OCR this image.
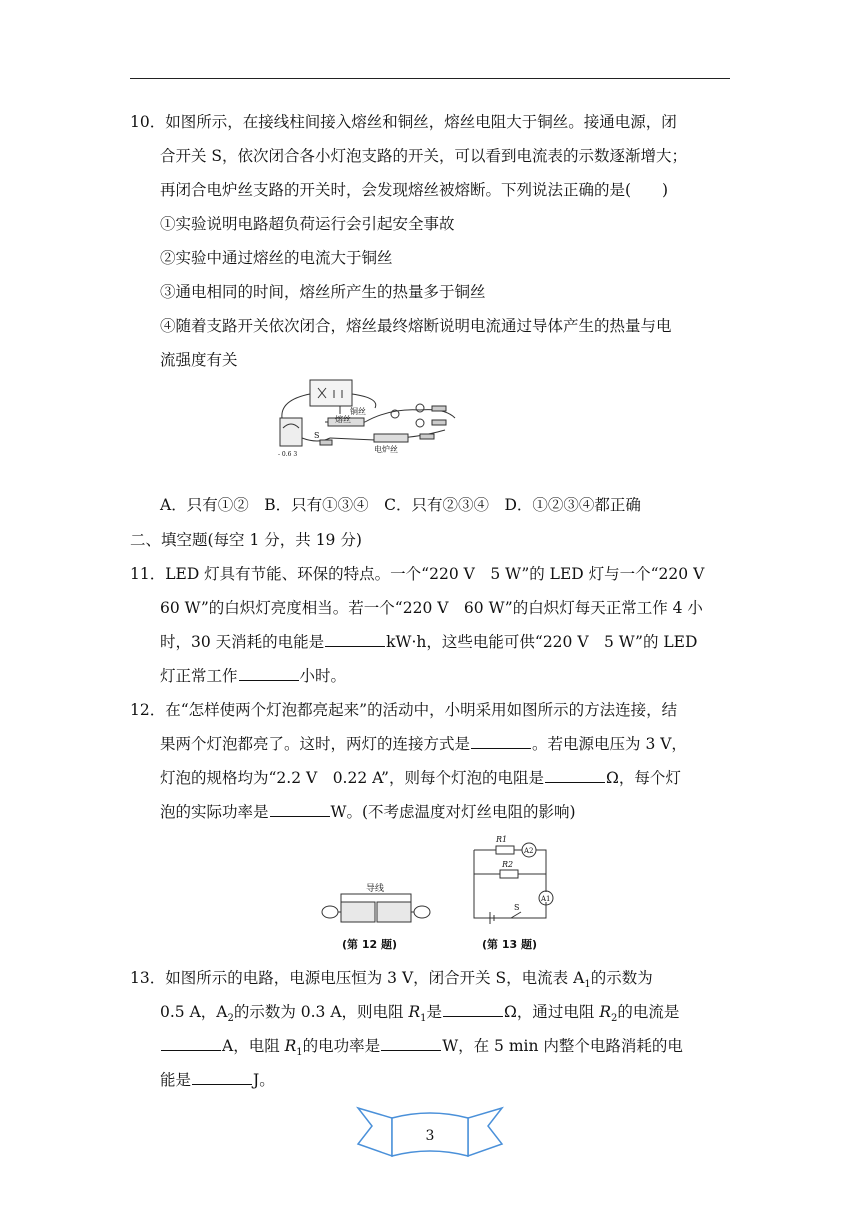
10．如图所示，在接线柱间接入熔丝和铜丝，熔丝电阻大于铜丝。接通电源，闭
合开关 S，依次闭合各小灯泡支路的开关，可以看到电流表的示数逐渐增大；
再闭合电炉丝支路的开关时，会发现熔丝被熔断。下列说法正确的是(　　)
①实验说明电路超负荷运行会引起安全事故
②实验中通过熔丝的电流大于铜丝
③通电相同的时间，熔丝所产生的热量多于铜丝
④随着支路开关依次闭合，熔丝最终熔断说明电流通过导体产生的热量与电
流强度有关
铜丝
熔丝
电炉丝
S
- 0.6 3
A．只有①②　B．只有①③④　C．只有②③④　D．①②③④都正确
二、填空题(每空 1 分，共 19 分)
11．LED 灯具有节能、环保的特点。一个“220 V　5 W”的 LED 灯与一个“220 V
60 W”的白炽灯亮度相当。若一个“220 V　60 W”的白炽灯每天正常工作 4 小
时，30 天消耗的电能是	kW·h，这些电能可供“220 V　5 W”的 LED
灯正常工作	小时。
12．在“怎样使两个灯泡都亮起来”的活动中，小明采用如图所示的方法连接，结
果两个灯泡都亮了。这时，两灯的连接方式是	。若电源电压为 3 V，
灯泡的规格均为“2.2 V　0.22 A”，则每个灯泡的电阻是	Ω，每个灯
泡的实际功率是	W。(不考虑温度对灯丝电阻的影响)
导线
(第 12 题)
R1
R2
A2
A1
S
(第 13 题)
13．如图所示的电路，电源电压恒为 3 V，闭合开关 S，电流表 $A_1$的示数为
0.5 A，$A_2$的示数为 0.3 A，则电阻 $R_1$是	Ω，通过电阻 $R_2$的电流是
A，电阻 $R_1$的电功率是	W，在 5 min 内整个电路消耗的电
能是	J。
3
